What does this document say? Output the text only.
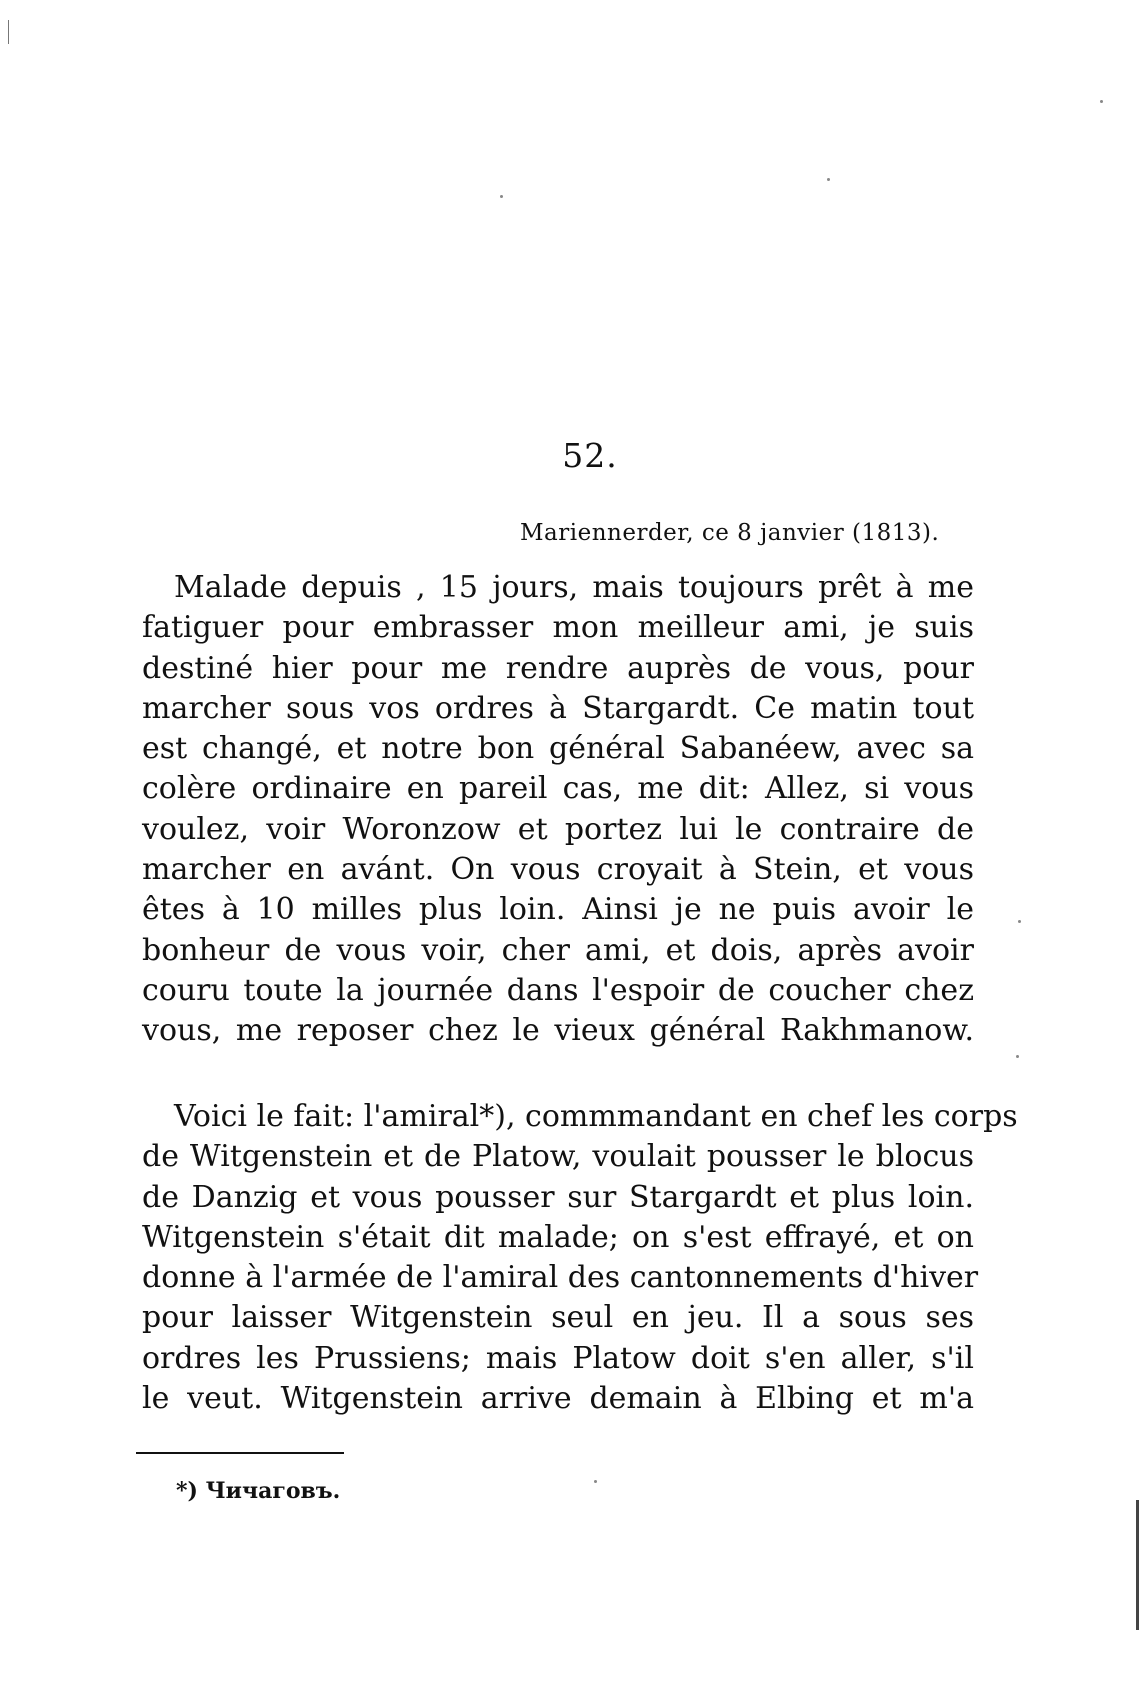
52.
Mariennerder, ce 8 janvier (1813).
Malade depuis , 15 jours, mais toujours prêt à me
fatiguer pour embrasser mon meilleur ami, je suis
destiné hier pour me rendre auprès de vous, pour
marcher sous vos ordres à Stargardt. Ce matin tout
est changé, et notre bon général Sabanéew, avec sa
colère ordinaire en pareil cas, me dit: Allez, si vous
voulez, voir Woronzow et portez lui le contraire de
marcher en avánt. On vous croyait à Stein, et vous
êtes à 10 milles plus loin. Ainsi je ne puis avoir le
bonheur de vous voir, cher ami, et dois, après avoir
couru toute la journée dans l'espoir de coucher chez
vous, me reposer chez le vieux général Rakhmanow.
Voici le fait: l'amiral*), commmandant en chef les corps
de Witgenstein et de Platow, voulait pousser le blocus
de Danzig et vous pousser sur Stargardt et plus loin.
Witgenstein s'était dit malade; on s'est effrayé, et on
donne à l'armée de l'amiral des cantonnements d'hiver
pour laisser Witgenstein seul en jeu. Il a sous ses
ordres les Prussiens; mais Platow doit s'en aller, s'il
le veut. Witgenstein arrive demain à Elbing et m'a
*) Чичаговъ.
